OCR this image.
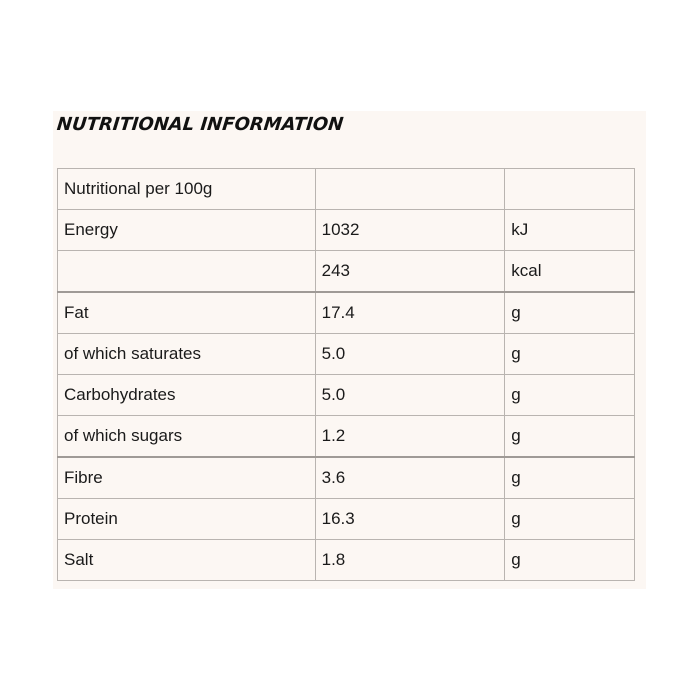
NUTRITIONAL INFORMATION
Nutritional per 100g		
Energy	1032	kJ
	243	kcal
Fat	17.4	g
of which saturates	5.0	g
Carbohydrates	5.0	g
of which sugars	1.2	g
Fibre	3.6	g
Protein	16.3	g
Salt	1.8	g
